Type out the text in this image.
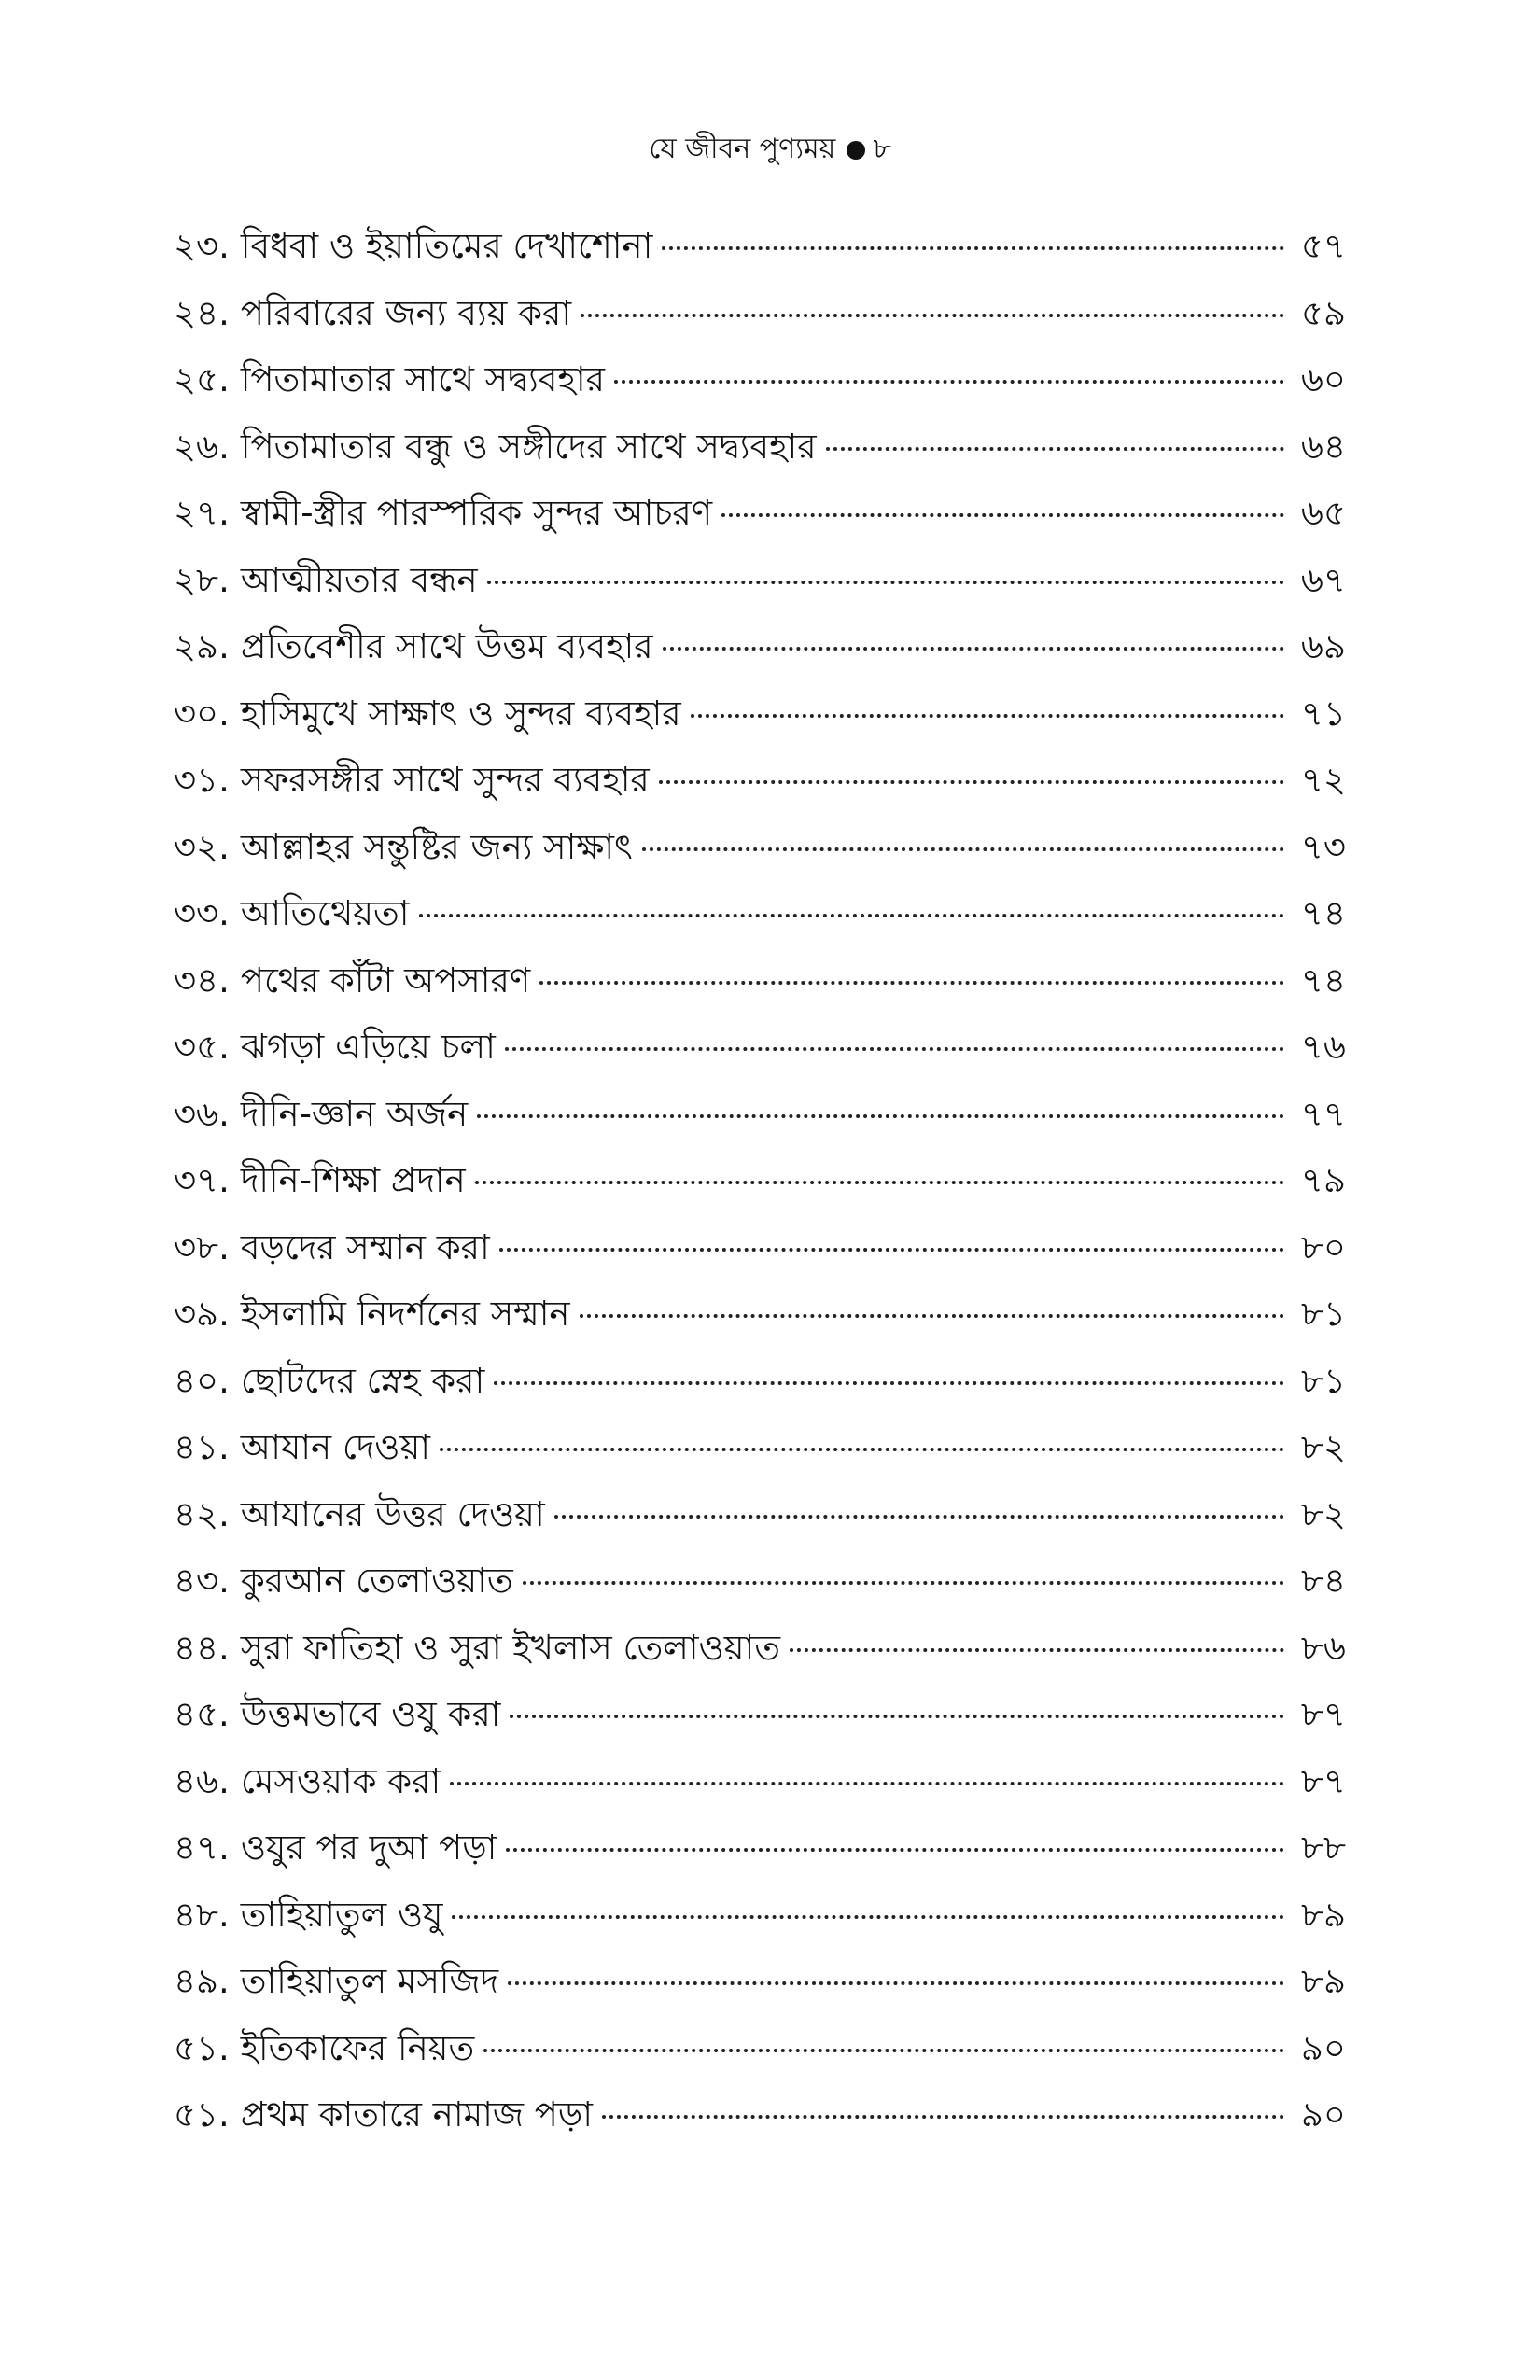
যে জীবন পুণ্যময় ৮
২৩. বিধবা ও ইয়াতিমের দেখাশোনা	৫৭
২৪. পরিবারের জন্য ব্যয় করা	৫৯
২৫. পিতামাতার সাথে সদ্ব্যবহার	৬০
২৬. পিতামাতার বন্ধু ও সঙ্গীদের সাথে সদ্ব্যবহার	৬৪
২৭. স্বামী-স্ত্রীর পারস্পরিক সুন্দর আচরণ	৬৫
২৮. আত্মীয়তার বন্ধন	৬৭
২৯. প্রতিবেশীর সাথে উত্তম ব্যবহার	৬৯
৩০. হাসিমুখে সাক্ষাৎ ও সুন্দর ব্যবহার	৭১
৩১. সফরসঙ্গীর সাথে সুন্দর ব্যবহার	৭২
৩২. আল্লাহর সন্তুষ্টির জন্য সাক্ষাৎ	৭৩
৩৩. আতিথেয়তা	৭৪
৩৪. পথের কাঁটা অপসারণ	৭৪
৩৫. ঝগড়া এড়িয়ে চলা	৭৬
৩৬. দীনি-জ্ঞান অর্জন	৭৭
৩৭. দীনি-শিক্ষা প্রদান	৭৯
৩৮. বড়দের সম্মান করা	৮০
৩৯. ইসলামি নিদর্শনের সম্মান	৮১
৪০. ছোটদের স্নেহ করা	৮১
৪১. আযান দেওয়া	৮২
৪২. আযানের উত্তর দেওয়া	৮২
৪৩. কুরআন তেলাওয়াত	৮৪
৪৪. সুরা ফাতিহা ও সুরা ইখলাস তেলাওয়াত	৮৬
৪৫. উত্তমভাবে ওযু করা	৮৭
৪৬. মেসওয়াক করা	৮৭
৪৭. ওযুর পর দুআ পড়া	৮৮
৪৮. তাহিয়াতুল ওযু	৮৯
৪৯. তাহিয়াতুল মসজিদ	৮৯
৫১. ইতিকাফের নিয়ত	৯০
৫১. প্রথম কাতারে নামাজ পড়া	৯০
